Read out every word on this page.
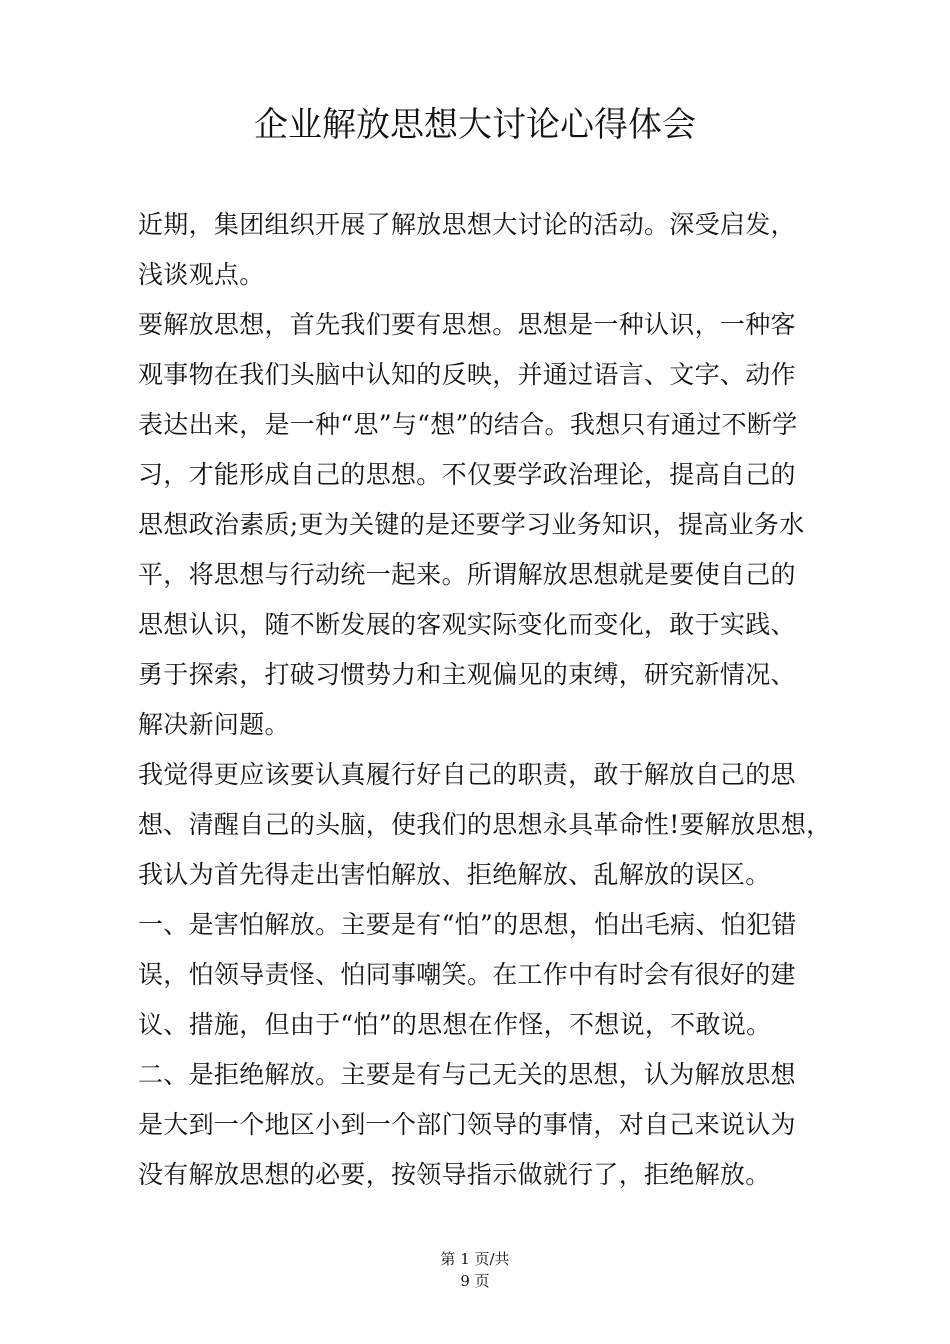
企业解放思想大讨论心得体会
近期，集团组织开展了解放思想大讨论的活动。深受启发，
浅谈观点。
要解放思想，首先我们要有思想。思想是一种认识，一种客
观事物在我们头脑中认知的反映，并通过语言、文字、动作
表达出来，是一种“思”与“想”的结合。我想只有通过不断学
习，才能形成自己的思想。不仅要学政治理论，提高自己的
思想政治素质;更为关键的是还要学习业务知识，提高业务水
平，将思想与行动统一起来。所谓解放思想就是要使自己的
思想认识，随不断发展的客观实际变化而变化，敢于实践、
勇于探索，打破习惯势力和主观偏见的束缚，研究新情况、
解决新问题。
我觉得更应该要认真履行好自己的职责，敢于解放自己的思
想、清醒自己的头脑，使我们的思想永具革命性!要解放思想，
我认为首先得走出害怕解放、拒绝解放、乱解放的误区。
一、是害怕解放。主要是有“怕”的思想，怕出毛病、怕犯错
误，怕领导责怪、怕同事嘲笑。在工作中有时会有很好的建
议、措施，但由于“怕”的思想在作怪，不想说，不敢说。
二、是拒绝解放。主要是有与己无关的思想，认为解放思想
是大到一个地区小到一个部门领导的事情，对自己来说认为
没有解放思想的必要，按领导指示做就行了，拒绝解放。
第 1 页/共
9 页
